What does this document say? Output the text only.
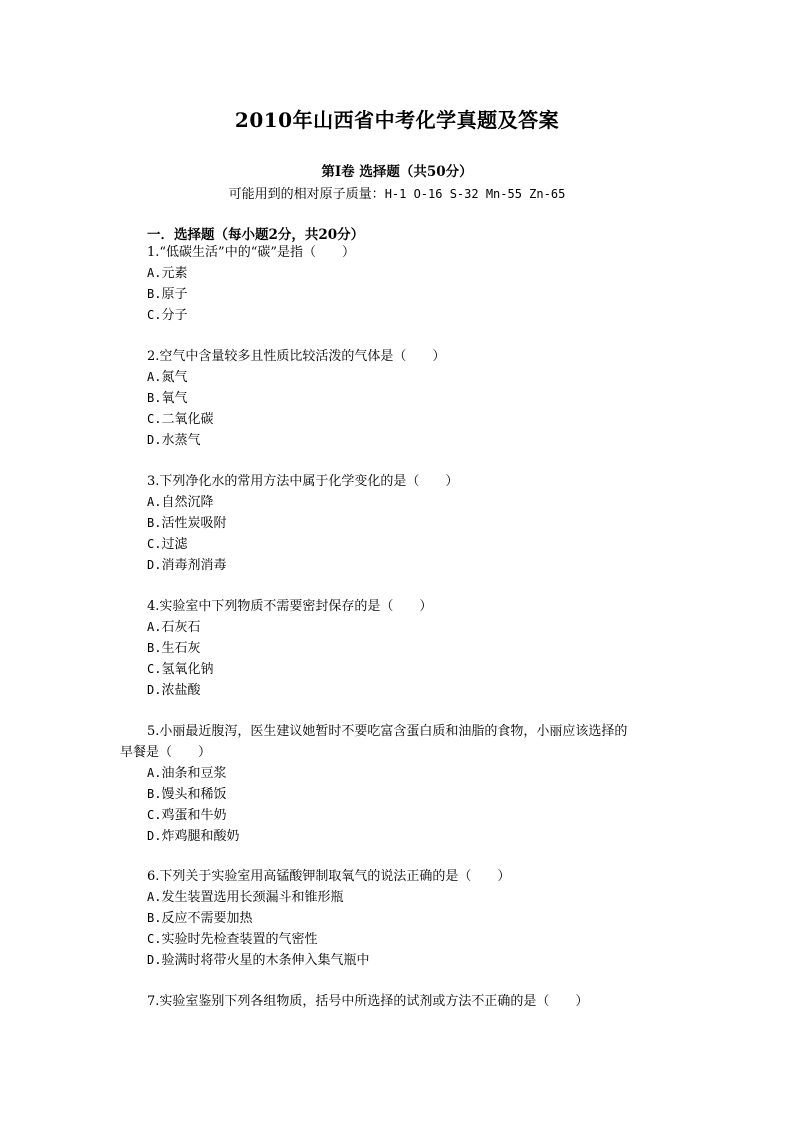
2010年山西省中考化学真题及答案
第Ⅰ卷 选择题（共50分）
可能用到的相对原子质量：H-1 O-16 S-32 Mn-55 Zn-65
一．选择题（每小题2分，共20分）
1.“低碳生活”中的“碳”是指（　　）
A.元素
B.原子
C.分子
2.空气中含量较多且性质比较活泼的气体是（　　）
A.氮气
B.氧气
C.二氧化碳
D.水蒸气
3.下列净化水的常用方法中属于化学变化的是（　　）
A.自然沉降
B.活性炭吸附
C.过滤
D.消毒剂消毒
4.实验室中下列物质不需要密封保存的是（　　）
A.石灰石
B.生石灰
C.氢氧化钠
D.浓盐酸
5.小丽最近腹泻，医生建议她暂时不要吃富含蛋白质和油脂的食物，小丽应该选择的
早餐是（　　）
A.油条和豆浆
B.馒头和稀饭
C.鸡蛋和牛奶
D.炸鸡腿和酸奶
6.下列关于实验室用高锰酸钾制取氧气的说法正确的是（　　）
A.发生装置选用长颈漏斗和锥形瓶
B.反应不需要加热
C.实验时先检查装置的气密性
D.验满时将带火星的木条伸入集气瓶中
7.实验室鉴别下列各组物质，括号中所选择的试剂或方法不正确的是（　　）
